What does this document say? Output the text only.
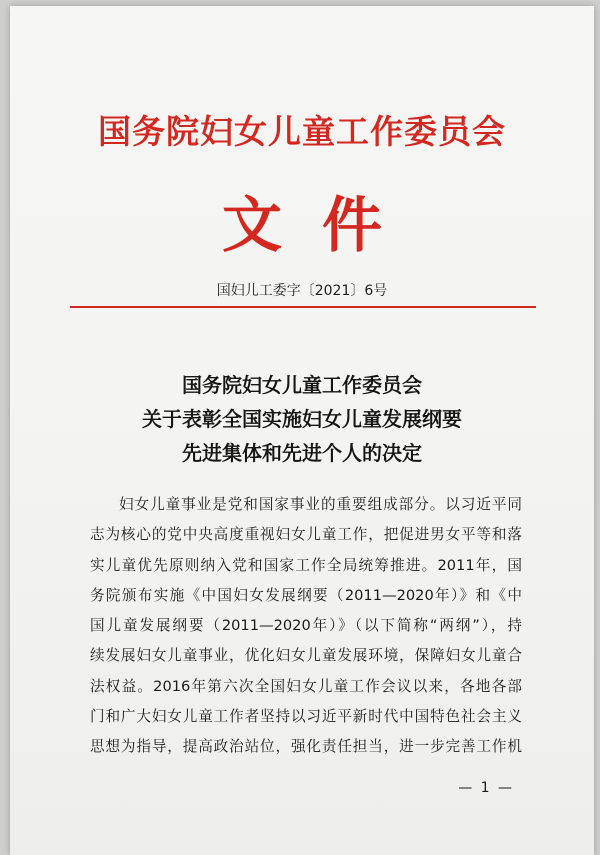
国务院妇女儿童工作委员会
文件
国妇儿工委字〔2021〕6号
国务院妇女儿童工作委员会
关于表彰全国实施妇女儿童发展纲要
先进集体和先进个人的决定
妇女儿童事业是党和国家事业的重要组成部分。以习近平同
志为核心的党中央高度重视妇女儿童工作，把促进男女平等和落
实儿童优先原则纳入党和国家工作全局统筹推进。2011年，国
务院颁布实施《中国妇女发展纲要（2011—2020年）》和《中
国儿童发展纲要（2011—2020年）》（以下简称“两纲”），持
续发展妇女儿童事业，优化妇女儿童发展环境，保障妇女儿童合
法权益。2016年第六次全国妇女儿童工作会议以来，各地各部
门和广大妇女儿童工作者坚持以习近平新时代中国特色社会主义
思想为指导，提高政治站位，强化责任担当，进一步完善工作机
— 1 —
